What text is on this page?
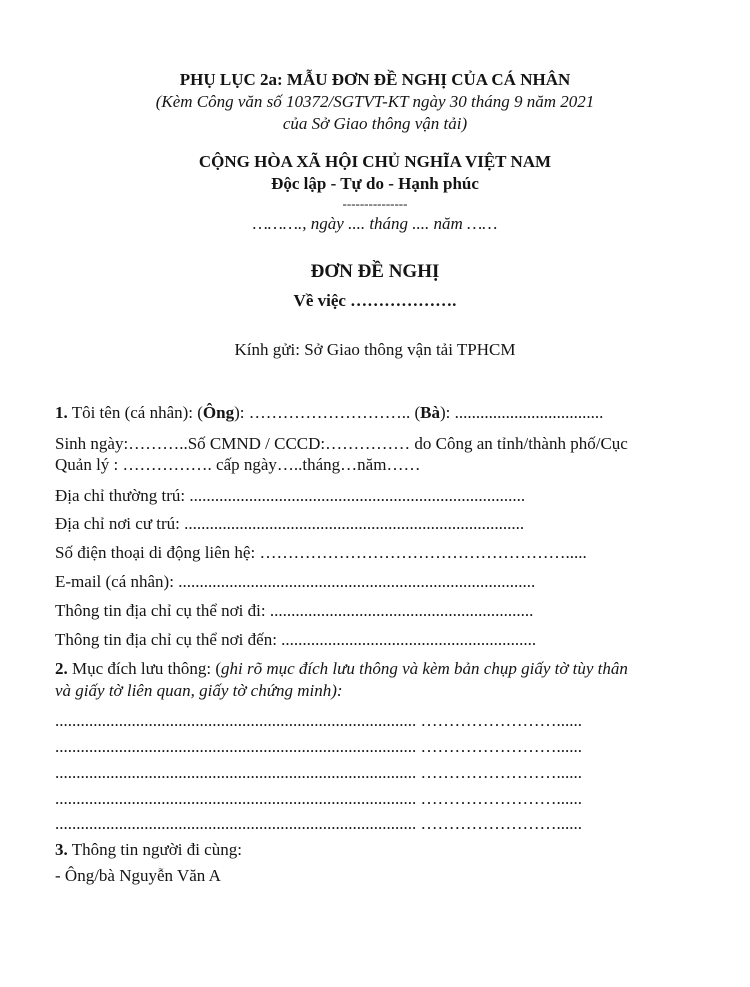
PHỤ LỤC 2a: MẪU ĐƠN ĐỀ NGHỊ CỦA CÁ NHÂN
(Kèm Công văn số 10372/SGTVT-KT ngày 30 tháng 9 năm 2021
của Sở Giao thông vận tải)
CỘNG HÒA XÃ HỘI CHỦ NGHĨA VIỆT NAM
Độc lập - Tự do - Hạnh phúc
---------------
………., ngày .... tháng .... năm ……
ĐƠN ĐỀ NGHỊ
Về việc ……………….
Kính gửi: Sở Giao thông vận tải TPHCM
1. Tôi tên (cá nhân): (Ông): ……………………….. (Bà): ...................................
Sinh ngày:………..Số CMND / CCCD:…………… do Công an tỉnh/thành phố/Cục
Quản lý : ……………. cấp ngày…..tháng…năm……
Địa chỉ thường trú: ...............................................................................
Địa chỉ nơi cư trú: ................................................................................
Số điện thoại di động liên hệ: ……………………………………………….....
E-mail (cá nhân): ....................................................................................
Thông tin địa chỉ cụ thể nơi đi: ..............................................................
Thông tin địa chỉ cụ thể nơi đến: ............................................................
2. Mục đích lưu thông: (ghi rõ mục đích lưu thông và kèm bản chụp giấy tờ tùy thân
và giấy tờ liên quan, giấy tờ chứng minh):
..................................................................................... ……………………......
..................................................................................... ……………………......
..................................................................................... ……………………......
..................................................................................... ……………………......
..................................................................................... ……………………......
3. Thông tin người đi cùng:
- Ông/bà Nguyễn Văn A
